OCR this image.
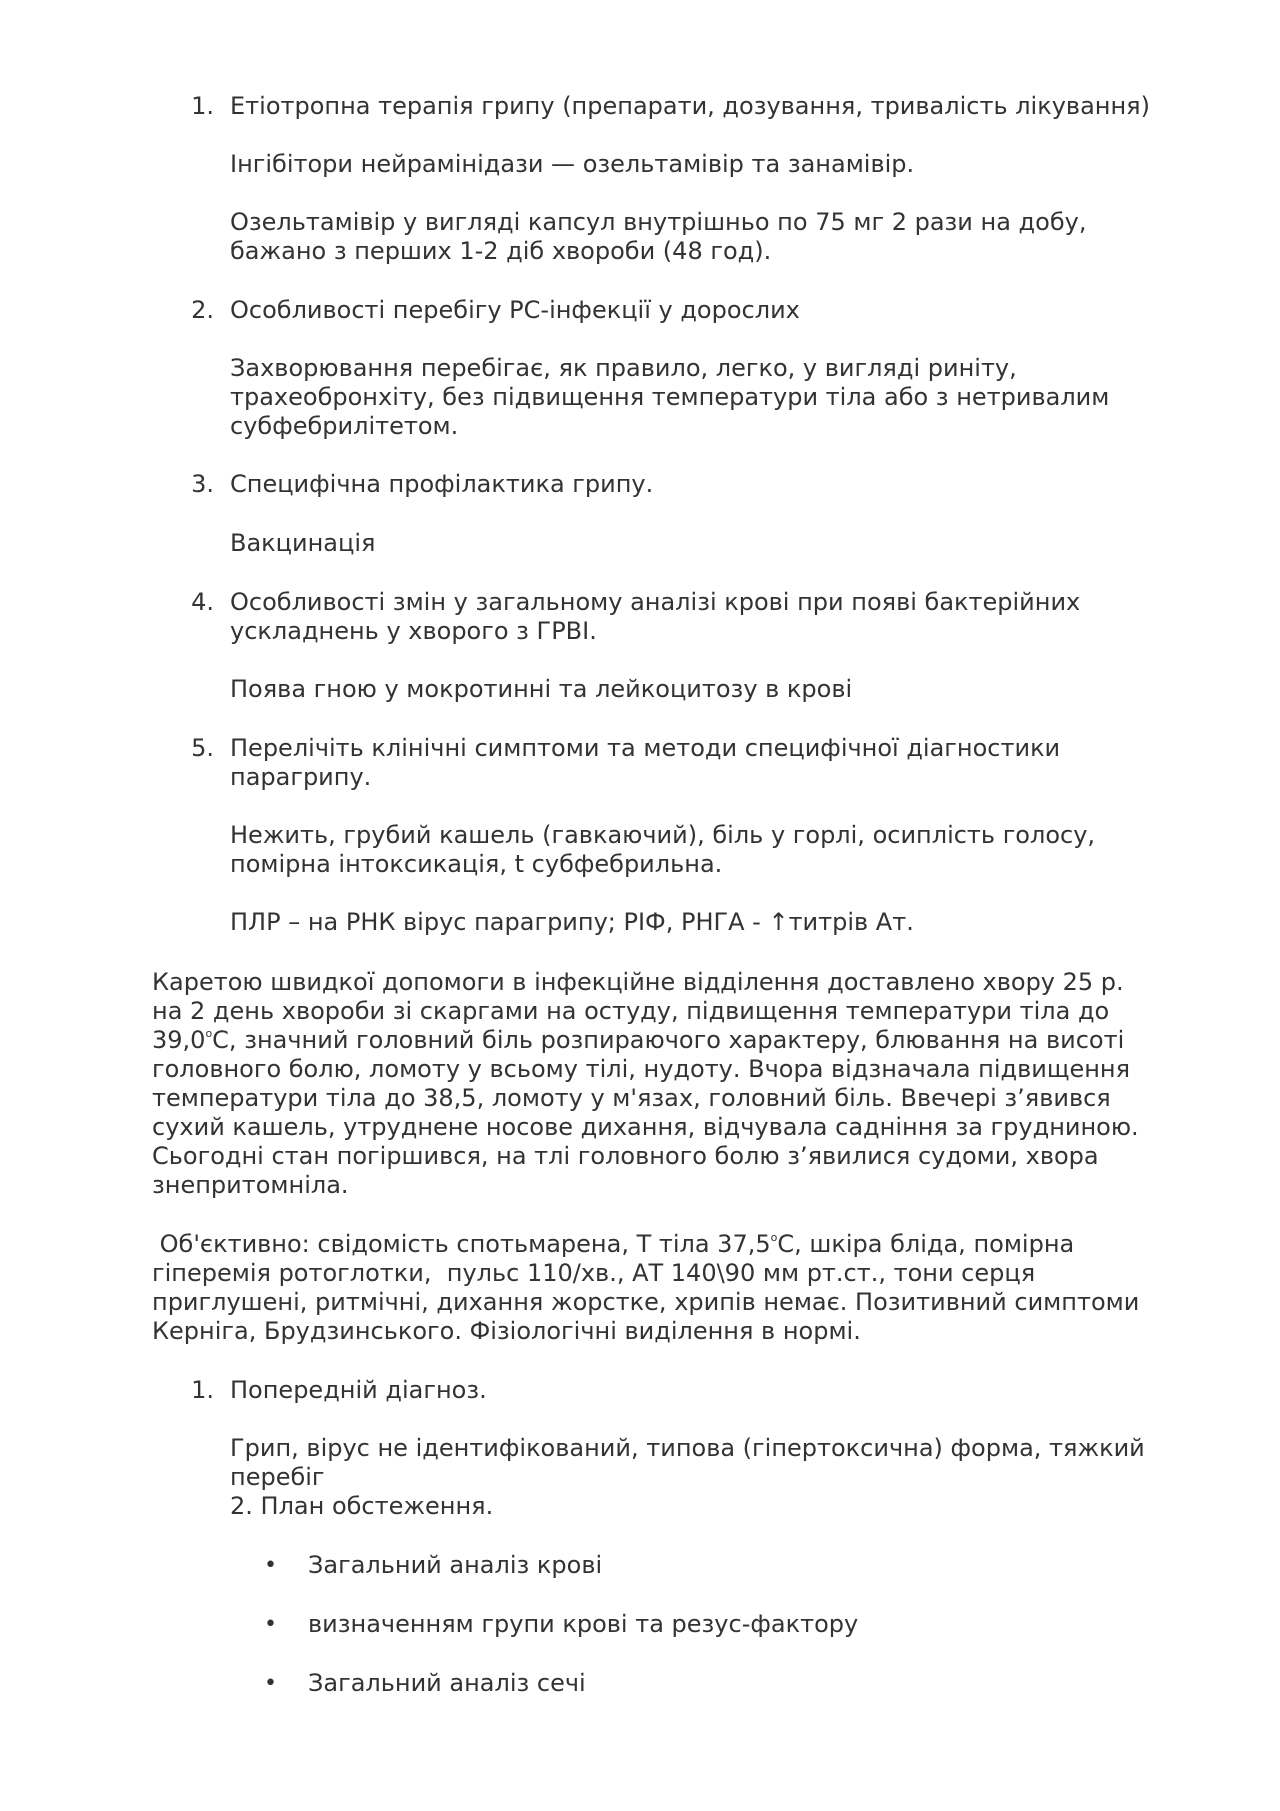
1. Етіотропна терапія грипу (препарати, дозування, тривалість лікування)

Інгібітори нейрамінідази — озельтамівір та занамівір.

Озельтамівір у вигляді капсул внутрішньо по 75 мг 2 рази на добу,

бажано з перших 1-2 діб хвороби (48 год).

2. Особливості перебігу РС-інфекції у дорослих

Захворювання перебігає, як правило, легко, у вигляді риніту,

трахеобронхіту, без підвищення температури тіла або з нетривалим

субфебрилітетом.

3. Специфічна профілактика грипу.

Вакцинація

4. Особливості змін у загальному аналізі крові при появі бактерійних

ускладнень у хворого з ГРВІ.

Поява гною у мокротинні та лейкоцитозу в крові

5. Перелічіть клінічні симптоми та методи специфічної діагностики

парагрипу.

Нежить, грубий кашель (гавкаючий), біль у горлі, осиплість голосу,

помірна інтоксикація, t субфебрильна.

ПЛР – на РНК вірус парагрипу; РІФ, РНГА - ↑титрів Ат.

Каретою швидкої допомоги в інфекційне відділення доставлено хвору 25 р.

на 2 день хвороби зі скаргами на остуду, підвищення температури тіла до

$39,0^оС$, значний головний біль розпираючого характеру, блювання на висоті

головного болю, ломоту у всьому тілі, нудоту. Вчора відзначала підвищення

температури тіла до 38,5, ломоту у м'язах, головний біль. Ввечері з’явився

сухий кашель, утруднене носове дихання, відчувала саднiння за грудниною.

Сьогодні стан погіршився, на тлі головного болю з’явилися судоми, хвора

знепритомніла.

Об'єктивно: свідомість спотьмарена, Т тіла $37,5^оС$, шкіра бліда, помірна

гіперемія ротоглотки,  пульс 110/хв., АТ 140\90 мм рт.ст., тони серця

приглушені, ритмічні, дихання жорстке, хрипів немає. Позитивний симптоми

Керніга, Брудзинського. Фізіологічні виділення в нормі.

1. Попередній діагноз.

Грип, вірус не ідентифікований, типова (гіпертоксична) форма, тяжкий

перебіг

2. План обстеження.

• Загальний аналіз крові

• визначенням групи крові та резус-фактору

• Загальний аналіз сечі
